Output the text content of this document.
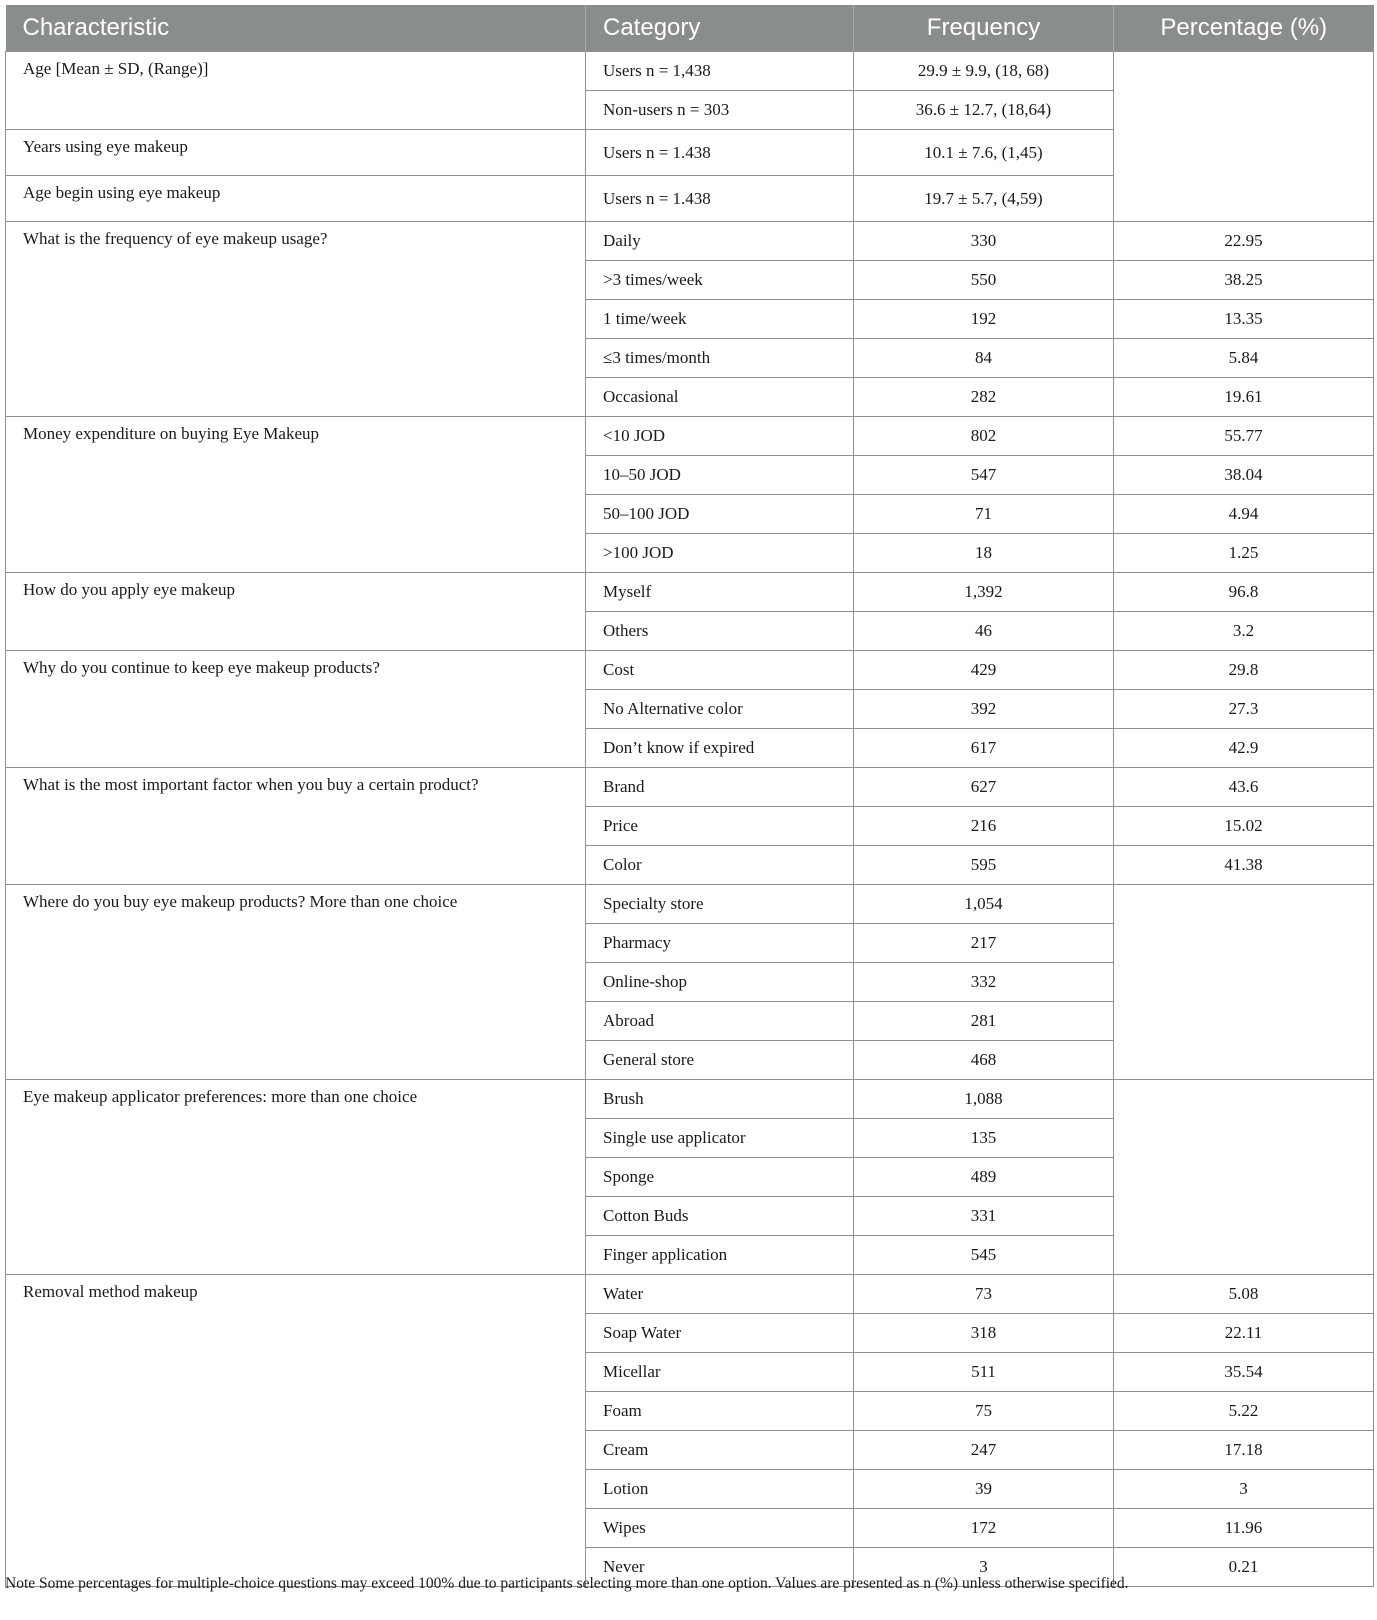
Characteristic	Category	Frequency	Percentage (%)
Age [Mean ± SD, (Range)]	Users n = 1,438	29.9 ± 9.9, (18, 68)	
	Non-users n = 303	36.6 ± 12.7, (18,64)	
Years using eye makeup	Users n = 1.438	10.1 ± 7.6, (1,45)	
Age begin using eye makeup	Users n = 1.438	19.7 ± 5.7, (4,59)	
What is the frequency of eye makeup usage?	Daily	330	22.95
	>3 times/week	550	38.25
	1 time/week	192	13.35
	≤3 times/month	84	5.84
	Occasional	282	19.61
Money expenditure on buying Eye Makeup	<10 JOD	802	55.77
	10–50 JOD	547	38.04
	50–100 JOD	71	4.94
	>100 JOD	18	1.25
How do you apply eye makeup	Myself	1,392	96.8
	Others	46	3.2
Why do you continue to keep eye makeup products?	Cost	429	29.8
	No Alternative color	392	27.3
	Don’t know if expired	617	42.9
What is the most important factor when you buy a certain product?	Brand	627	43.6
	Price	216	15.02
	Color	595	41.38
Where do you buy eye makeup products? More than one choice	Specialty store	1,054	
	Pharmacy	217	
	Online-shop	332	
	Abroad	281	
	General store	468	
Eye makeup applicator preferences: more than one choice	Brush	1,088	
	Single use applicator	135	
	Sponge	489	
	Cotton Buds	331	
	Finger application	545	
Removal method makeup	Water	73	5.08
	Soap Water	318	22.11
	Micellar	511	35.54
	Foam	75	5.22
	Cream	247	17.18
	Lotion	39	3
	Wipes	172	11.96
	Never	3	0.21
Note Some percentages for multiple-choice questions may exceed 100% due to participants selecting more than one option. Values are presented as n (%) unless otherwise specified.
